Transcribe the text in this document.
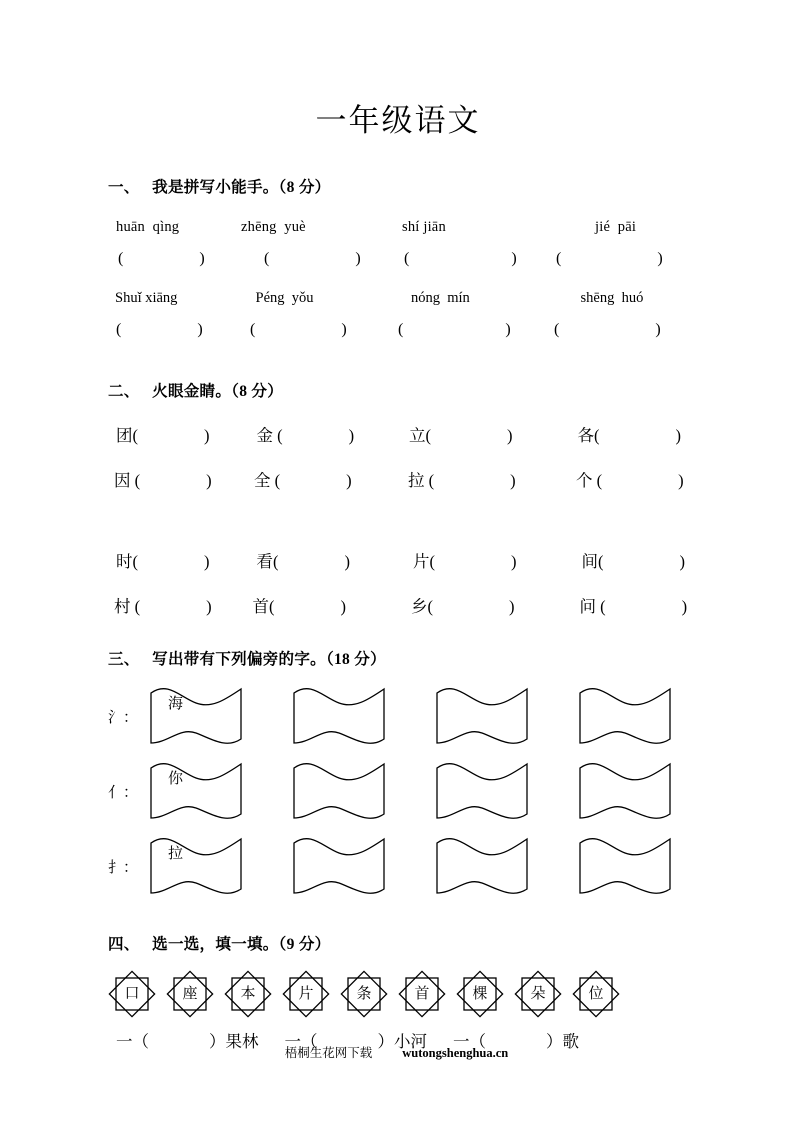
一年级语文
一、 我是拼写小能手。（8 分）
huān  qìng	zhēng  yuè	shí jiān	jié  pāi
(	)	(	)	(	)	(	)
Shuǐ xiāng	Péng  yǒu	nóng  mín	shēng  huó
(	)	(	)	(	)	(	)
二、 火眼金睛。（8 分）
团(	)	金 (	)	立(	)	各(	)
因 (	)	全 (	)	拉 (	)	个 (	)
时(	)	看(	)	片(	)	间(	)
村 (	)	首(	)	乡(	)	问 (	)
三、 写出带有下列偏旁的字。（18 分）
氵：
海
亻：
你
扌：
拉
四、 选一选，填一填。（9 分）
口	座	本	片	条	首	棵	朵	位
一（	）果林 一（	）小河 一（	）歌
梧桐生花网下载 wutongshenghua.cn
